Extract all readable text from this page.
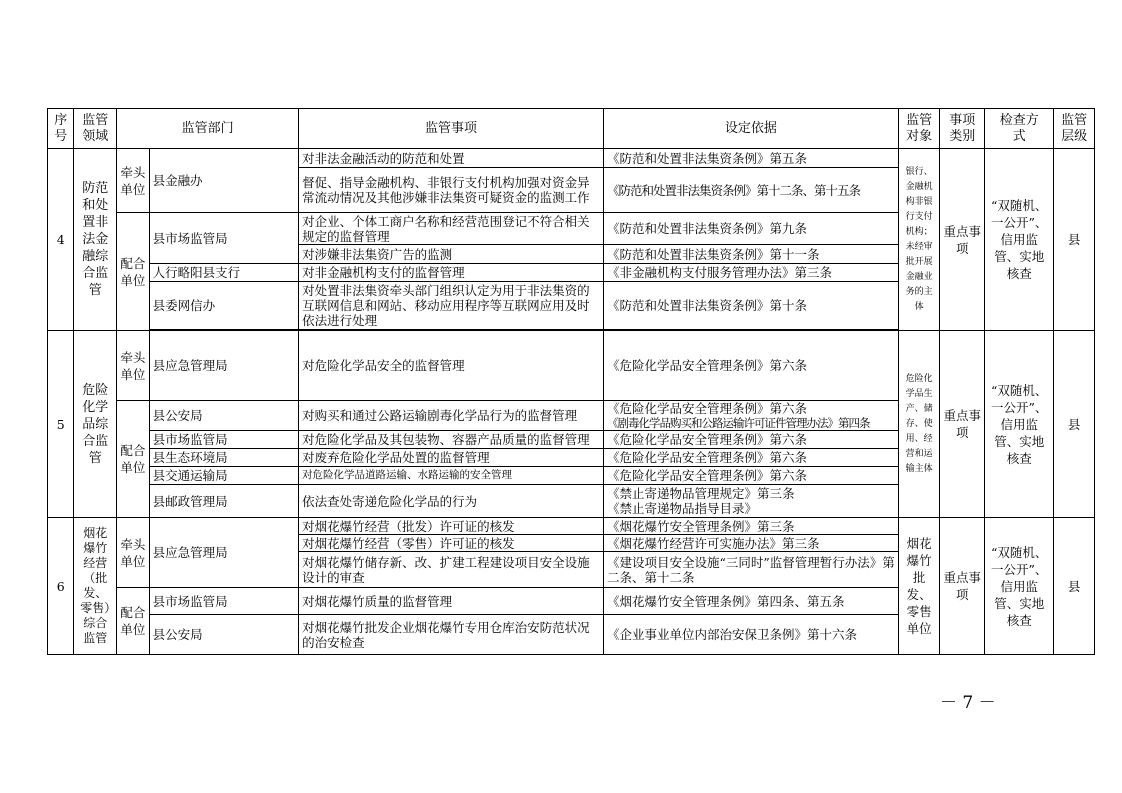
序号	监管领域	监管部门		监管事项	设定依据	监管对象	事项类别	检查方式	监管层级
4	防范和处置非法金融综合监管	牵头单位	县金融办	对非法金融活动的防范和处置	《防范和处置非法集资条例》第五条	银行、金融机构非银行支付机构；未经审批开展金融业务的主体	重点事项	“双随机、一公开”、信用监管、实地核查	县
				督促、指导金融机构、非银行支付机构加强对资金异常流动情况及其他涉嫌非法集资可疑资金的监测工作	《防范和处置非法集资条例》第十二条、第十五条				
		配合单位	县市场监管局	对企业、个体工商户名称和经营范围登记不符合相关规定的监督管理	《防范和处置非法集资条例》第九条				
				对涉嫌非法集资广告的监测	《防范和处置非法集资条例》第十一条				
			人行略阳县支行	对非金融机构支付的监督管理	《非金融机构支付服务管理办法》第三条				
			县委网信办	对处置非法集资牵头部门组织认定为用于非法集资的互联网信息和网站、移动应用程序等互联网应用及时依法进行处理	《防范和处置非法集资条例》第十条				

5	危险化学品综合监管	牵头单位	县应急管理局	对危险化学品安全的监督管理	《危险化学品安全管理条例》第六条	危险化学品生产、储存、使用、经营和运输主体	重点事项	“双随机、一公开”、信用监管、实地核查	县
		配合单位	县公安局	对购买和通过公路运输剧毒化学品行为的监督管理	《危险化学品安全管理条例》第六条
《剧毒化学品购买和公路运输许可证件管理办法》第四条				

			县市场监管局	对危险化学品及其包装物、容器产品质量的监督管理	《危险化学品安全管理条例》第六条				
			县生态环境局	对废弃危险化学品处置的监督管理	《危险化学品安全管理条例》第六条				
			县交通运输局	对危险化学品道路运输、水路运输的安全管理	《危险化学品安全管理条例》第六条				
			县邮政管理局	依法查处寄递危险化学品的行为	《禁止寄递物品管理规定》第三条
《禁止寄递物品指导目录》				

6	烟花爆竹经营（批发、零售）综合监管	牵头单位	县应急管理局	对烟花爆竹经营（批发）许可证的核发	《烟花爆竹安全管理条例》第三条	烟花爆竹批发、零售单位	重点事项	“双随机、一公开”、信用监管、实地核查	县
				对烟花爆竹经营（零售）许可证的核发	《烟花爆竹经营许可实施办法》第三条				
				对烟花爆竹储存新、改、扩建工程建设项目安全设施设计的审查	《建设项目安全设施“三同时”监督管理暂行办法》第二条、第十二条				
		配合单位	县市场监管局	对烟花爆竹质量的监督管理	《烟花爆竹安全管理条例》第四条、第五条				
			县公安局	对烟花爆竹批发企业烟花爆竹专用仓库治安防范状况的治安检查	《企业事业单位内部治安保卫条例》第十六条				
－ 7 －
